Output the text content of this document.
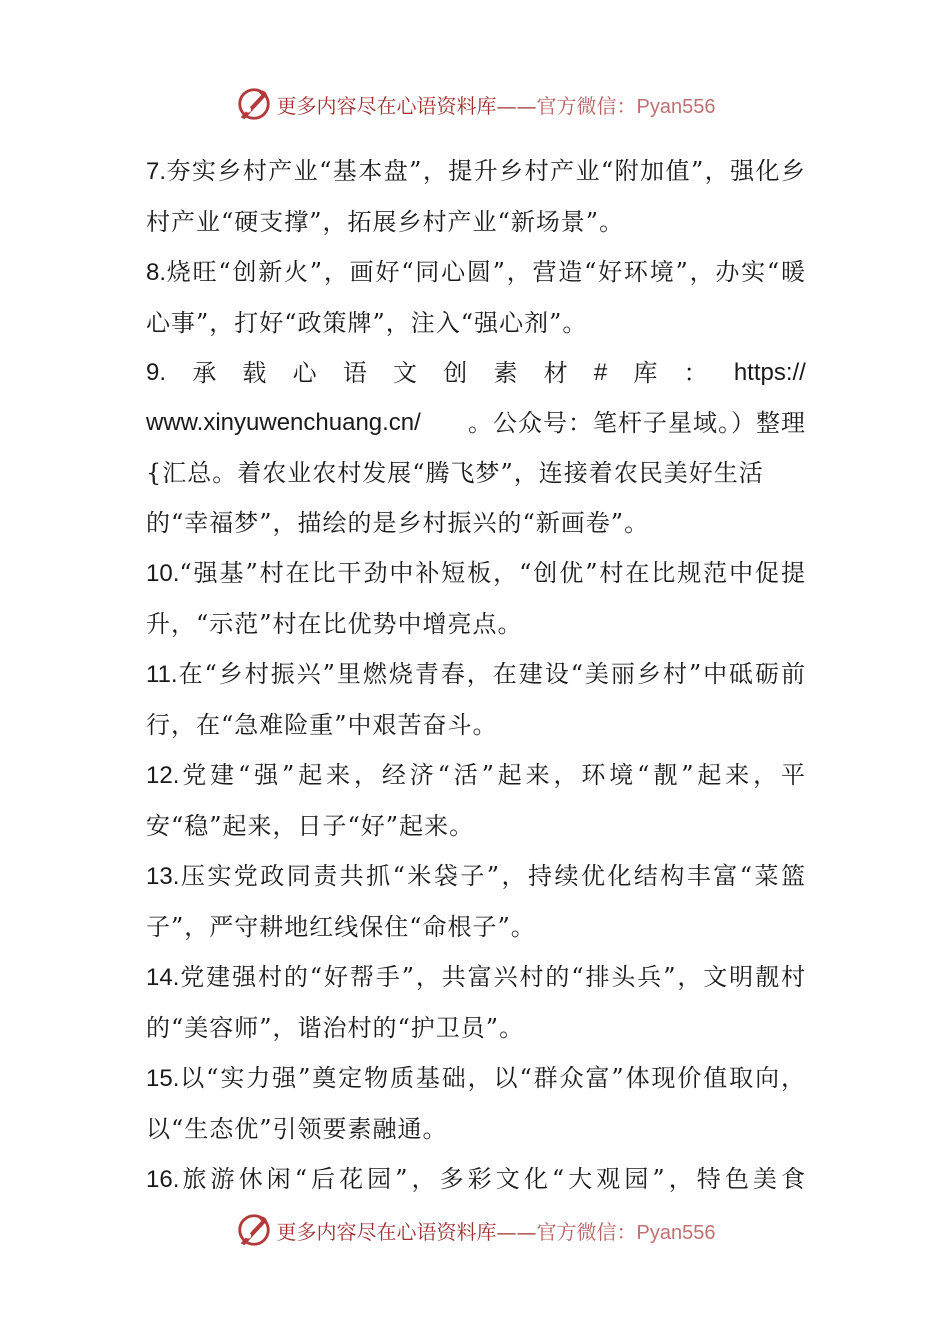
更多内容尽在心语资料库——官方微信：Pyan556

7.夯实乡村产业“基本盘”，提升乡村产业“附加值”，强化乡村产业“硬支撑”，拓展乡村产业“新场景”。

8.烧旺“创新火”，画好“同心圆”，营造“好环境”，办实“暖心事”，打好“政策牌”，注入“强心剂”。

9. 承 载 心 语 文 创 素 材 # 库 ： https://
www.xinyuwenchuang.cn/ 。公众号：笔杆子星域。）整理

{汇总。着农业农村发展“腾飞梦”，连接着农民美好生活

的“幸福梦”，描绘的是乡村振兴的“新画卷”。

10.“强基”村在比干劲中补短板，“创优”村在比规范中促提升，“示范”村在比优势中增亮点。

11.在“乡村振兴”里燃烧青春，在建设“美丽乡村”中砥砺前行，在“急难险重”中艰苦奋斗。

12.党建“强”起来，经济“活”起来，环境“靓”起来，平安“稳”起来，日子“好”起来。

13.压实党政同责共抓“米袋子”，持续优化结构丰富“菜篮子”，严守耕地红线保住“命根子”。

14.党建强村的“好帮手”，共富兴村的“排头兵”，文明靓村的“美容师”，谐治村的“护卫员”。

15.以“实力强”奠定物质基础，以“群众富”体现价值取向，以“生态优”引领要素融通。

16.旅游休闲“后花园”，多彩文化“大观园”，特色美食

更多内容尽在心语资料库——官方微信：Pyan556
